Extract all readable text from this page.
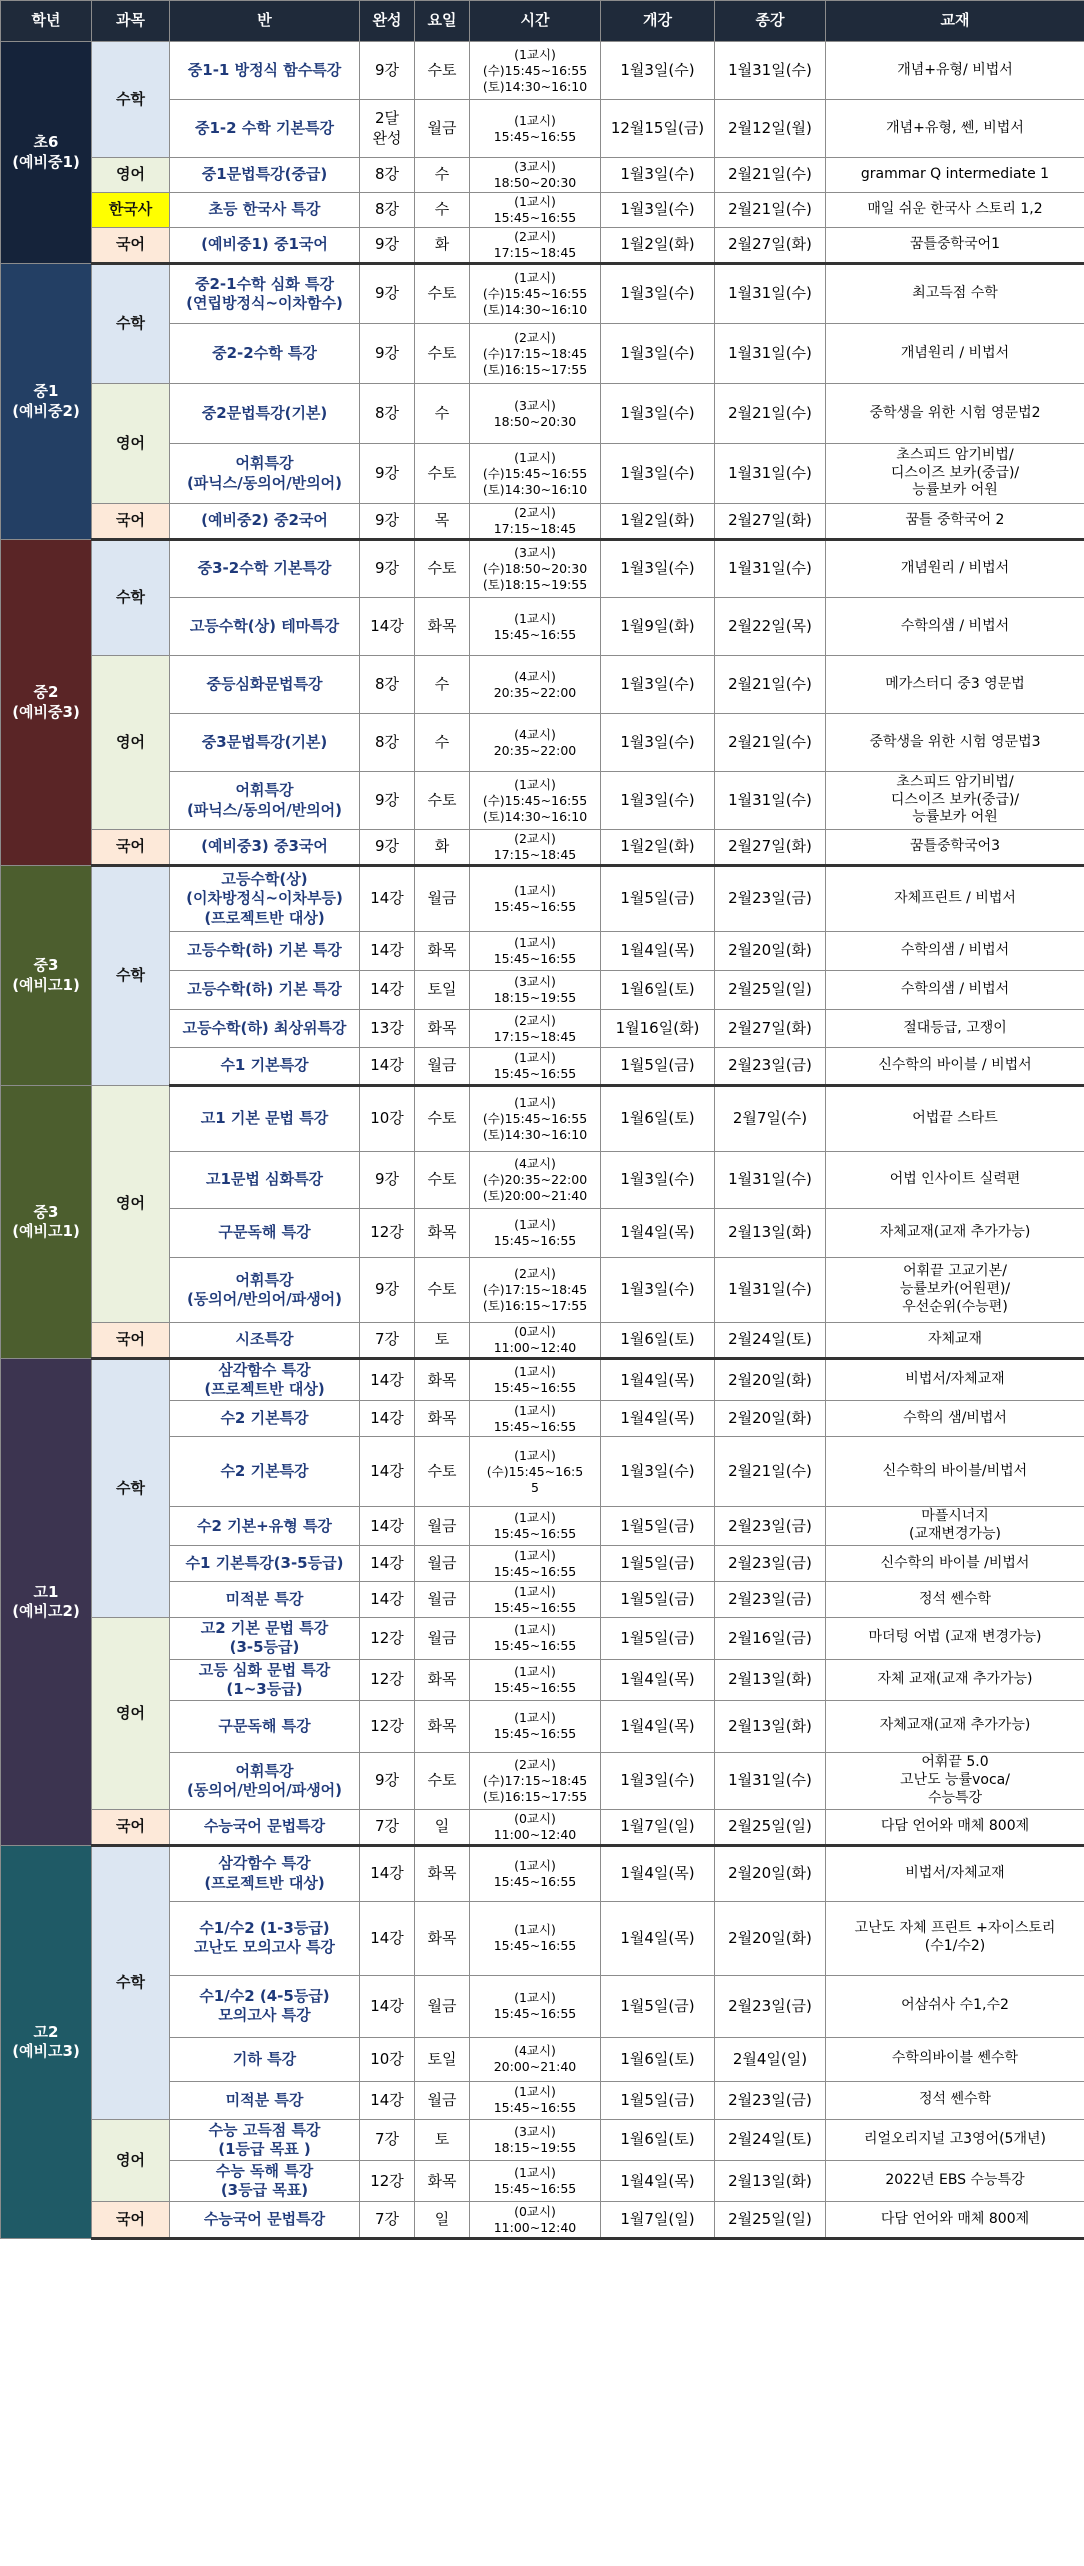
학년	과목	반	완성	요일	시간	개강	종강	교재
초6
(예비중1)	수학	중1-1 방정식 함수특강	9강	수토	(1교시)
(수)15:45~16:55
(토)14:30~16:10	1월3일(수)	1월31일(수)	개념+유형/ 비법서
		중1-2 수학 기본특강	2달
완성	월금	(1교시)
15:45~16:55	12월15일(금)	2월12일(월)	개념+유형, 쎈, 비법서
	영어	중1문법특강(중급)	8강	수	(3교시)
18:50~20:30	1월3일(수)	2월21일(수)	grammar Q intermediate 1
	한국사	초등 한국사 특강	8강	수	(1교시)
15:45~16:55	1월3일(수)	2월21일(수)	매일 쉬운 한국사 스토리 1,2
	국어	(예비중1) 중1국어	9강	화	(2교시)
17:15~18:45	1월2일(화)	2월27일(화)	꿈틀중학국어1
중1
(예비중2)	수학	중2-1수학 심화 특강
(연립방정식~이차함수)	9강	수토	(1교시)
(수)15:45~16:55
(토)14:30~16:10	1월3일(수)	1월31일(수)	최고득점 수학
		중2-2수학 특강	9강	수토	(2교시)
(수)17:15~18:45
(토)16:15~17:55	1월3일(수)	1월31일(수)	개념원리 / 비법서
	영어	중2문법특강(기본)	8강	수	(3교시)
18:50~20:30	1월3일(수)	2월21일(수)	중학생을 위한 시험 영문법2
		어휘특강
(파닉스/동의어/반의어)	9강	수토	(1교시)
(수)15:45~16:55
(토)14:30~16:10	1월3일(수)	1월31일(수)	초스피드 암기비법/
디스이즈 보카(중급)/
능률보카 어원
	국어	(예비중2) 중2국어	9강	목	(2교시)
17:15~18:45	1월2일(화)	2월27일(화)	꿈틀 중학국어 2
중2
(예비중3)	수학	중3-2수학 기본특강	9강	수토	(3교시)
(수)18:50~20:30
(토)18:15~19:55	1월3일(수)	1월31일(수)	개념원리 / 비법서
		고등수학(상) 테마특강	14강	화목	(1교시)
15:45~16:55	1월9일(화)	2월22일(목)	수학의샘 / 비법서
	영어	중등심화문법특강	8강	수	(4교시)
20:35~22:00	1월3일(수)	2월21일(수)	메가스터디 중3 영문법
		중3문법특강(기본)	8강	수	(4교시)
20:35~22:00	1월3일(수)	2월21일(수)	중학생을 위한 시험 영문법3
		어휘특강
(파닉스/동의어/반의어)	9강	수토	(1교시)
(수)15:45~16:55
(토)14:30~16:10	1월3일(수)	1월31일(수)	초스피드 암기비법/
디스이즈 보카(중급)/
능률보카 어원
	국어	(예비중3) 중3국어	9강	화	(2교시)
17:15~18:45	1월2일(화)	2월27일(화)	꿈틀중학국어3
중3
(예비고1)	수학	고등수학(상)
(이차방정식~이차부등)
(프로젝트반 대상)	14강	월금	(1교시)
15:45~16:55	1월5일(금)	2월23일(금)	자체프린트 / 비법서
		고등수학(하) 기본 특강	14강	화목	(1교시)
15:45~16:55	1월4일(목)	2월20일(화)	수학의샘 / 비법서
		고등수학(하) 기본 특강	14강	토일	(3교시)
18:15~19:55	1월6일(토)	2월25일(일)	수학의샘 / 비법서
		고등수학(하) 최상위특강	13강	화목	(2교시)
17:15~18:45	1월16일(화)	2월27일(화)	절대등급, 고쟁이
		수1 기본특강	14강	월금	(1교시)
15:45~16:55	1월5일(금)	2월23일(금)	신수학의 바이블 / 비법서
중3
(예비고1)	영어	고1 기본 문법 특강	10강	수토	(1교시)
(수)15:45~16:55
(토)14:30~16:10	1월6일(토)	2월7일(수)	어법끝 스타트
		고1문법 심화특강	9강	수토	(4교시)
(수)20:35~22:00
(토)20:00~21:40	1월3일(수)	1월31일(수)	어법 인사이트 실력편
		구문독해 특강	12강	화목	(1교시)
15:45~16:55	1월4일(목)	2월13일(화)	자체교재(교재 추가가능)
		어휘특강
(동의어/반의어/파생어)	9강	수토	(2교시)
(수)17:15~18:45
(토)16:15~17:55	1월3일(수)	1월31일(수)	어휘끝 고교기본/
능률보카(어원편)/
우선순위(수능편)
	국어	시조특강	7강	토	(0교시)
11:00~12:40	1월6일(토)	2월24일(토)	자체교재
고1
(예비고2)	수학	삼각함수 특강
(프로젝트반 대상)	14강	화목	(1교시)
15:45~16:55	1월4일(목)	2월20일(화)	비법서/자체교재
		수2 기본특강	14강	화목	(1교시)
15:45~16:55	1월4일(목)	2월20일(화)	수학의 샘/비법서
		수2 기본특강	14강	수토	(1교시)
(수)15:45~16:5
5	1월3일(수)	2월21일(수)	신수학의 바이블/비법서
		수2 기본+유형 특강	14강	월금	(1교시)
15:45~16:55	1월5일(금)	2월23일(금)	마플시너지
(교재변경가능)
		수1 기본특강(3-5등급)	14강	월금	(1교시)
15:45~16:55	1월5일(금)	2월23일(금)	신수학의 바이블 /비법서
		미적분 특강	14강	월금	(1교시)
15:45~16:55	1월5일(금)	2월23일(금)	정석 쎈수학
	영어	고2 기본 문법 특강
(3-5등급)	12강	월금	(1교시)
15:45~16:55	1월5일(금)	2월16일(금)	마더텅 어법 (교재 변경가능)
		고등 심화 문법 특강
(1~3등급)	12강	화목	(1교시)
15:45~16:55	1월4일(목)	2월13일(화)	자체 교재(교재 추가가능)
		구문독해 특강	12강	화목	(1교시)
15:45~16:55	1월4일(목)	2월13일(화)	자체교재(교재 추가가능)
		어휘특강
(동의어/반의어/파생어)	9강	수토	(2교시)
(수)17:15~18:45
(토)16:15~17:55	1월3일(수)	1월31일(수)	어휘끝 5.0
고난도 능률voca/
수능특강
	국어	수능국어 문법특강	7강	일	(0교시)
11:00~12:40	1월7일(일)	2월25일(일)	다담 언어와 매체 800제
고2
(예비고3)	수학	삼각함수 특강
(프로젝트반 대상)	14강	화목	(1교시)
15:45~16:55	1월4일(목)	2월20일(화)	비법서/자체교재
		수1/수2 (1-3등급)
고난도 모의고사 특강	14강	화목	(1교시)
15:45~16:55	1월4일(목)	2월20일(화)	고난도 자체 프린트 +자이스토리
(수1/수2)
		수1/수2 (4-5등급)
모의고사 특강	14강	월금	(1교시)
15:45~16:55	1월5일(금)	2월23일(금)	어삼쉬사 수1,수2
		기하 특강	10강	토일	(4교시)
20:00~21:40	1월6일(토)	2월4일(일)	수학의바이블 쎈수학
		미적분 특강	14강	월금	(1교시)
15:45~16:55	1월5일(금)	2월23일(금)	정석 쎈수학
	영어	수능 고득점 특강
(1등급 목표 )	7강	토	(3교시)
18:15~19:55	1월6일(토)	2월24일(토)	리얼오리지널 고3영어(5개년)
		수능 독해 특강
(3등급 목표)	12강	화목	(1교시)
15:45~16:55	1월4일(목)	2월13일(화)	2022년 EBS 수능특강
	국어	수능국어 문법특강	7강	일	(0교시)
11:00~12:40	1월7일(일)	2월25일(일)	다담 언어와 매체 800제
